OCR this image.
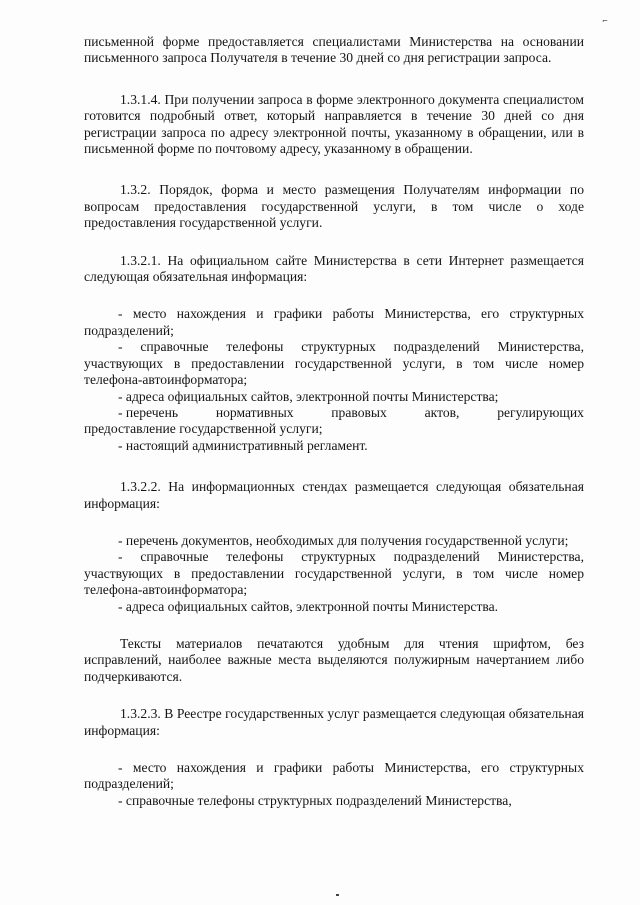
⌐

письменной форме предоставляется специалистами Министерства на основании письменного запроса Получателя в течение 30 дней со дня регистрации запроса.

1.3.1.4. При получении запроса в форме электронного документа специалистом готовится подробный ответ, который направляется в течение 30 дней со дня регистрации запроса по адресу электронной почты, указанному в обращении, или в письменной форме по почтовому адресу, указанному в обращении.

1.3.2. Порядок, форма и место размещения Получателям информации по вопросам предоставления государственной услуги, в том числе о ходе предоставления государственной услуги.

1.3.2.1. На официальном сайте Министерства в сети Интернет размещается следующая обязательная информация:

- место нахождения и графики работы Министерства, его структурных подразделений;

- справочные телефоны структурных подразделений Министерства, участвующих в предоставлении государственной услуги, в том числе номер телефона-автоинформатора;

- адреса официальных сайтов, электронной почты Министерства;

- перечень	нормативных	правовых	актов,	регулирующих

предоставление государственной услуги;

- настоящий административный регламент.

1.3.2.2. На информационных стендах размещается следующая обязательная информация:

- перечень документов, необходимых для получения государственной услуги;

- справочные телефоны структурных подразделений Министерства, участвующих в предоставлении государственной услуги, в том числе номер телефона-автоинформатора;

- адреса официальных сайтов, электронной почты Министерства.

Тексты материалов печатаются удобным для чтения шрифтом, без исправлений, наиболее важные места выделяются полужирным начертанием либо подчеркиваются.

1.3.2.3. В Реестре государственных услуг размещается следующая обязательная информация:

- место нахождения и графики работы Министерства, его структурных подразделений;

- справочные телефоны структурных подразделений Министерства,
